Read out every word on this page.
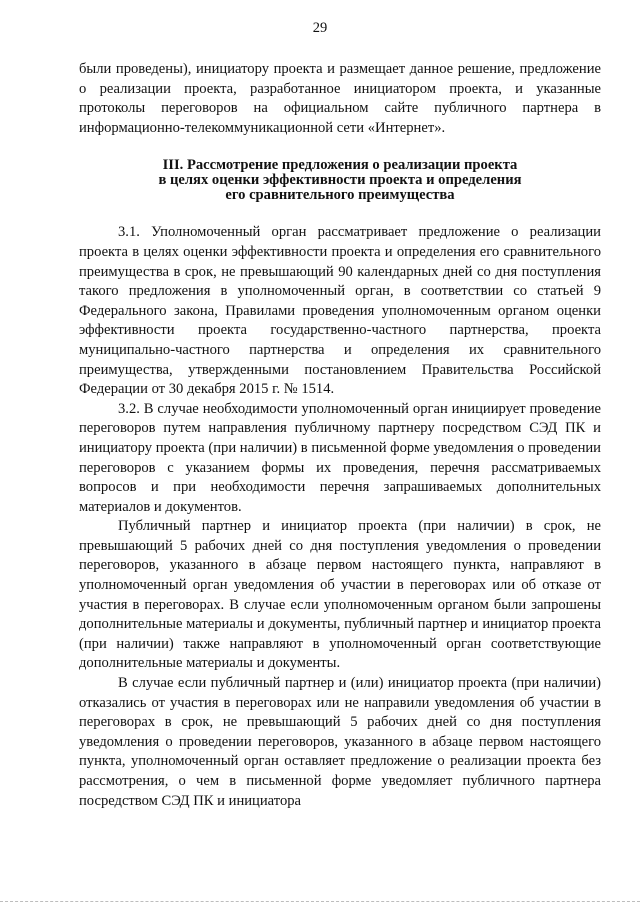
29

были проведены), инициатору проекта и размещает данное решение, предложение о реализации проекта, разработанное инициатором проекта, и указанные протоколы переговоров на официальном сайте публичного партнера в информационно-телекоммуникационной сети «Интернет».

III. Рассмотрение предложения о реализации проекта
в целях оценки эффективности проекта и определения
его сравнительного преимущества

3.1. Уполномоченный орган рассматривает предложение о реализации проекта в целях оценки эффективности проекта и определения его сравнительного преимущества в срок, не превышающий 90 календарных дней со дня поступления такого предложения в уполномоченный орган, в соответствии со статьей 9 Федерального закона, Правилами проведения уполномоченным органом оценки эффективности проекта государственно-частного партнерства, проекта муниципально-частного партнерства и определения их сравнительного преимущества, утвержденными постановлением Правительства Российской Федерации от 30 декабря 2015 г. № 1514.

3.2. В случае необходимости уполномоченный орган инициирует проведение переговоров путем направления публичному партнеру посредством СЭД ПК и инициатору проекта (при наличии) в письменной форме уведомления о проведении переговоров с указанием формы их проведения, перечня рассматриваемых вопросов и при необходимости перечня запрашиваемых дополнительных материалов и документов.

Публичный партнер и инициатор проекта (при наличии) в срок, не превышающий 5 рабочих дней со дня поступления уведомления о проведении переговоров, указанного в абзаце первом настоящего пункта, направляют в уполномоченный орган уведомления об участии в переговорах или об отказе от участия в переговорах. В случае если уполномоченным органом были запрошены дополнительные материалы и документы, публичный партнер и инициатор проекта (при наличии) также направляют в уполномоченный орган соответствующие дополнительные материалы и документы.

В случае если публичный партнер и (или) инициатор проекта (при наличии) отказались от участия в переговорах или не направили уведомления об участии в переговорах в срок, не превышающий 5 рабочих дней со дня поступления уведомления о проведении переговоров, указанного в абзаце первом настоящего пункта, уполномоченный орган оставляет предложение о реализации проекта без рассмотрения, о чем в письменной форме уведомляет публичного партнера посредством СЭД ПК и инициатора
